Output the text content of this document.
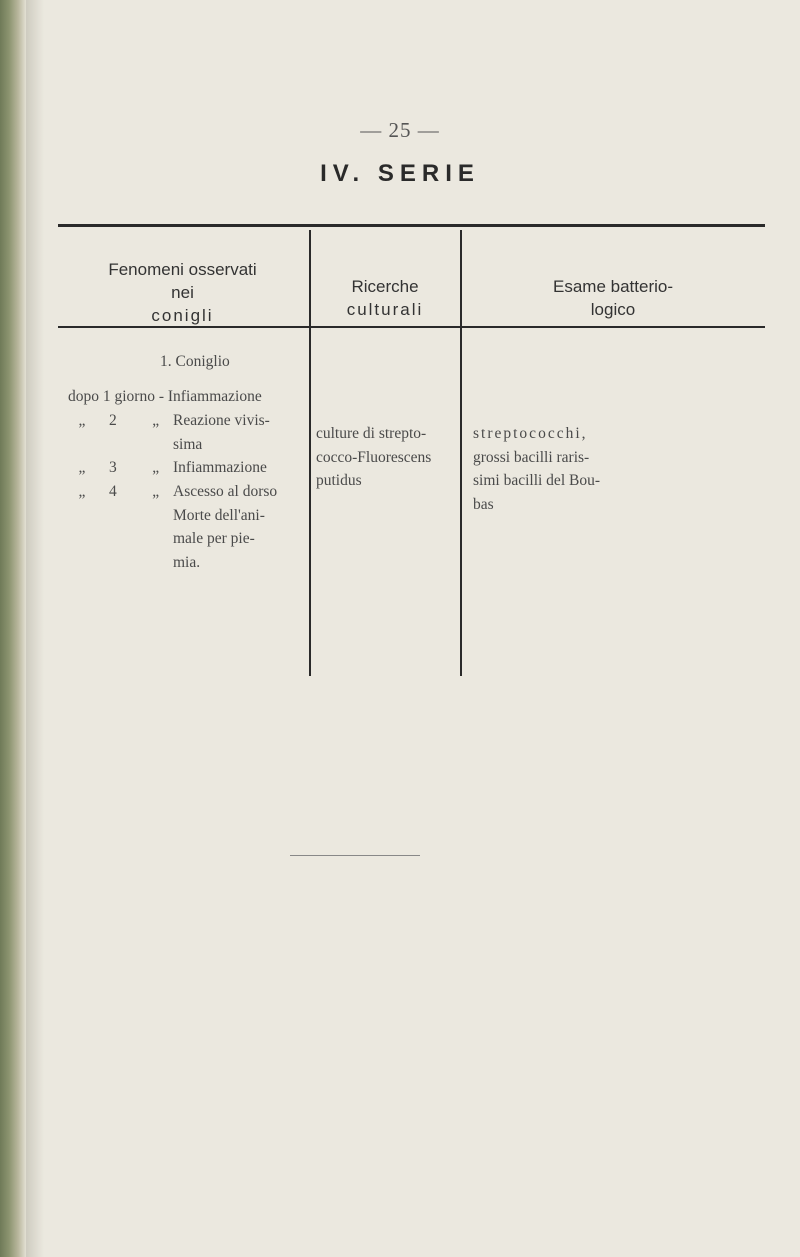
— 25 —
IV. SERIE
Fenomeni osservati
nei
conigli
Ricerche
culturali
Esame batterio-
logico
1. Coniglio
dopo 1 giorno - Infiammazione
„ 2 „ Reazione vivis-
sima
„ 3 „ Infiammazione
„ 4 „ Ascesso al dorso
Morte dell'ani-
male per pie-
mia.
culture di strepto-
cocco-Fluorescens
putidus
streptococchi,
grossi bacilli raris-
simi bacilli del Bou-
bas
